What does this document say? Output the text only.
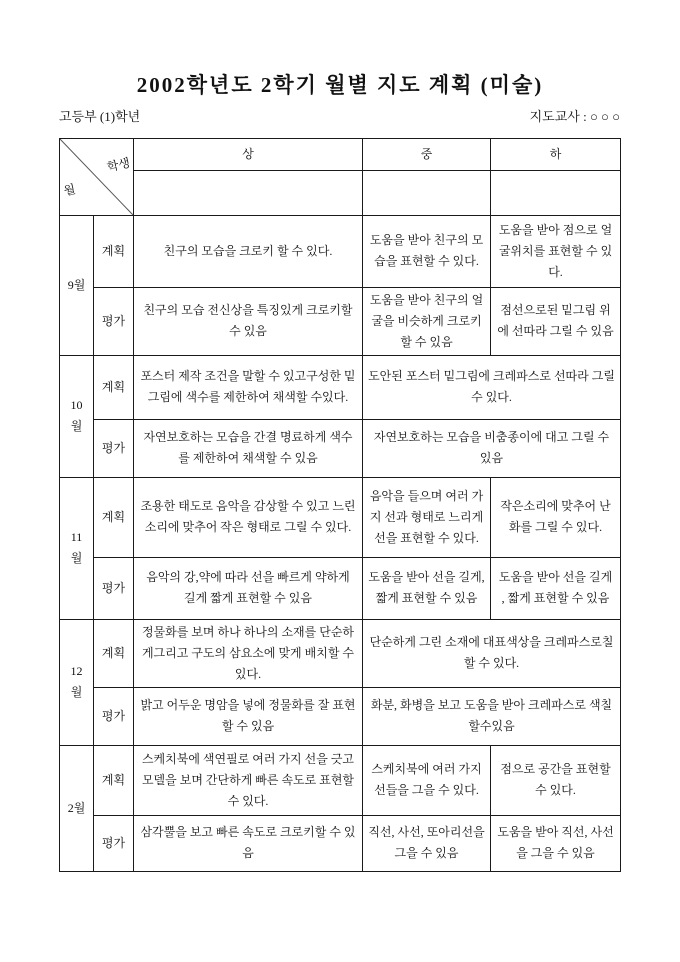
2002학년도 2학기 월별 지도 계획 (미술)
고등부 (1)학년	지도교사 : ○ ○ ○
학생
월		상	중	하

9월	계획	친구의 모습을 크로키 할 수 있다.	도움을 받아 친구의 모습을 표현할 수 있다.	도움을 받아 점으로 얼굴위치를 표현할 수 있다.
	평가	친구의 모습 전신상을 특징있게 크로키할 수 있음	도움을 받아 친구의 얼굴을 비슷하게 크로키 할 수 있음	점선으로된 밑그림 위에 선따라 그릴 수 있음
10월	계획	포스터 제작 조건을 말할 수 있고구성한 밑그림에 색수를 제한하여 채색할 수있다.	도안된 포스터 밑그림에 크레파스로 선따라 그릴 수 있다.	
	평가	자연보호하는 모습을 간결 명료하게 색수를 제한하여 채색할 수 있음	자연보호하는 모습을 비춤종이에 대고 그릴 수 있음	
11월	계획	조용한 태도로 음악을 감상할 수 있고 느린소리에 맞추어 작은 형태로 그릴 수 있다.	음악을 들으며 여러 가지 선과 형태로 느리게 선을 표현할 수 있다.	작은소리에 맞추어 난화를 그릴 수 있다.
	평가	음악의 강,약에 따라 선을 빠르게 약하게 길게 짧게 표현할 수 있음	도움을 받아 선을 길게, 짧게 표현할 수 있음	도움을 받아 선을 길게 , 짧게 표현할 수 있음
12월	계획	정물화를 보며 하나 하나의 소재를 단순하게그리고 구도의 삼요소에 맞게 배치할 수있다.	단순하게 그린 소재에 대표색상을 크레파스로칠할 수 있다.	
	평가	밝고 어두운 명암을 넣에 정물화를 잘 표현할 수 있음	화분, 화병을 보고 도움을 받아 크레파스로 색칠할수있음	
2월	계획	스케치북에 색연필로 여러 가지 선을 긋고 모델을 보며 간단하게 빠른 속도로 표현할수 있다.	스케치북에 여러 가지선들을 그을 수 있다.	점으로 공간을 표현할 수 있다.
	평가	삼각뿔을 보고 빠른 속도로 크로키할 수 있음	직선, 사선, 또아리선을 그을 수 있음	도움을 받아 직선, 사선을 그을 수 있음
